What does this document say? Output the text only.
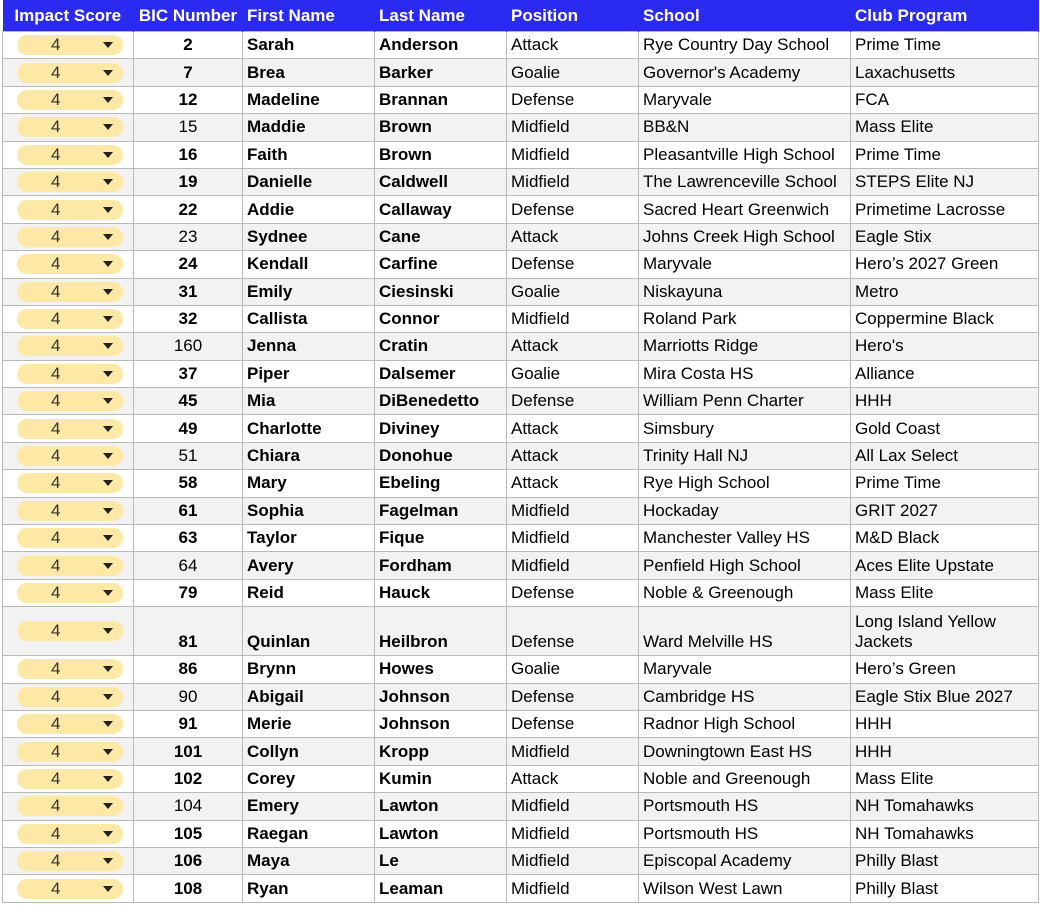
Impact Score	BIC Number	First Name	Last Name	Position	School	Club Program

4	2	Sarah	Anderson	Attack	Rye Country Day School	Prime Time

4	7	Brea	Barker	Goalie	Governor's Academy	Laxachusetts

4	12	Madeline	Brannan	Defense	Maryvale	FCA

4	15	Maddie	Brown	Midfield	BB&N	Mass Elite

4	16	Faith	Brown	Midfield	Pleasantville High School	Prime Time

4	19	Danielle	Caldwell	Midfield	The Lawrenceville School	STEPS Elite NJ

4	22	Addie	Callaway	Defense	Sacred Heart Greenwich	Primetime Lacrosse

4	23	Sydnee	Cane	Attack	Johns Creek High School	Eagle Stix

4	24	Kendall	Carfine	Defense	Maryvale	Hero’s 2027 Green

4	31	Emily	Ciesinski	Goalie	Niskayuna	Metro

4	32	Callista	Connor	Midfield	Roland Park	Coppermine Black

4	160	Jenna	Cratin	Attack	Marriotts Ridge	Hero's

4	37	Piper	Dalsemer	Goalie	Mira Costa HS	Alliance

4	45	Mia	DiBenedetto	Defense	William Penn Charter	HHH

4	49	Charlotte	Diviney	Attack	Simsbury	Gold Coast

4	51	Chiara	Donohue	Attack	Trinity Hall NJ	All Lax Select

4	58	Mary	Ebeling	Attack	Rye High School	Prime Time

4	61	Sophia	Fagelman	Midfield	Hockaday	GRIT 2027

4	63	Taylor	Fique	Midfield	Manchester Valley HS	M&D Black

4	64	Avery	Fordham	Midfield	Penfield High School	Aces Elite Upstate

4	79	Reid	Hauck	Defense	Noble & Greenough	Mass Elite

4	81	Quinlan	Heilbron	Defense	Ward Melville HS	Long Island Yellow Jackets

4	86	Brynn	Howes	Goalie	Maryvale	Hero’s Green

4	90	Abigail	Johnson	Defense	Cambridge HS	Eagle Stix Blue 2027

4	91	Merie	Johnson	Defense	Radnor High School	HHH

4	101	Collyn	Kropp	Midfield	Downingtown East HS	HHH

4	102	Corey	Kumin	Attack	Noble and Greenough	Mass Elite

4	104	Emery	Lawton	Midfield	Portsmouth HS	NH Tomahawks

4	105	Raegan	Lawton	Midfield	Portsmouth HS	NH Tomahawks

4	106	Maya	Le	Midfield	Episcopal Academy	Philly Blast

4	108	Ryan	Leaman	Midfield	Wilson West Lawn	Philly Blast
